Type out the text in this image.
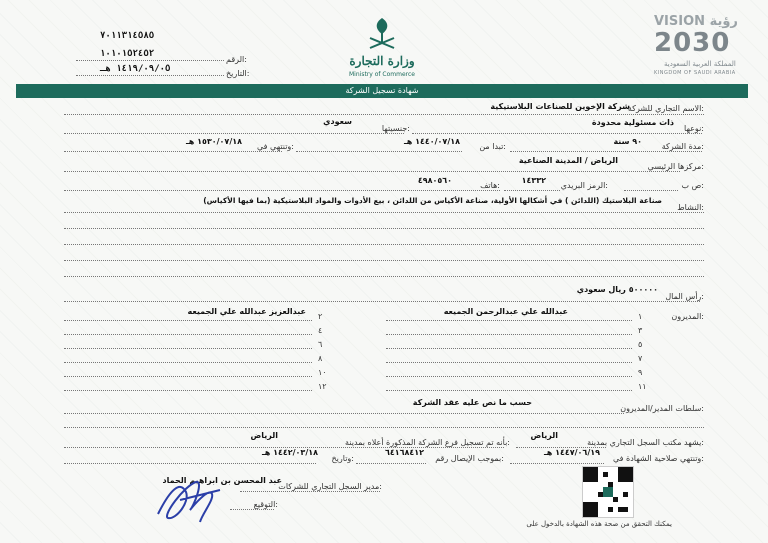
٧٠١١٣١٤٥٨٥
١٠١٠١٥٢٤٥٢
١٤١٩/٠٩/٠٥ هـ
الرقم:
التاريخ:
وزارة التجارة
Ministry of Commerce
VISION رؤية
2030
المملكة العربية السعودية
KINGDOM OF SAUDI ARABIA
شهادة تسجيل الشركة
الاسم التجاري للشركة:
شركة الإخوين للصناعات البلاستيكية
نوعها:
ذات مسئولية محدودة
جنسيتها:
سعودي
مدة الشركة:
٩٠ سنة
تبدا من:
١٤٤٠/٠٧/١٨ هـ
وتنتهي في:
١٥٣٠/٠٧/١٨ هـ
مركزها الرئيسي:
الرياض / المدينة الصناعية
ص ب:
الرمز البريدي:
١٤٣٣٢
هاتف:
٤٩٨٠٥٦٠
النشاط:
صناعة البلاستيك (اللدائن ) في أشكالها الأولية، صناعة الأكياس من اللدائن ، بيع الأدوات والمواد البلاستيكية (بما فيها الأكياس)
رأس المال:
٥٠٠٠٠٠ ريال سعودي
المديرون:
عبدالله علي عبدالرحمن الجميعه
عبدالعزيز عبدالله علي الجميعه
١
٣
٥
٧
٩
١١
٢
٤
٦
٨
١٠
١٢
سلطات المدير/المديرون:
حسب ما نص عليه عقد الشركة
يشهد مكتب السجل التجاري بمدينة:
الرياض
بأنه تم تسجيل فرع الشركة المذكورة أعلاه بمدينة:
الرياض
وتنتهي صلاحية الشهادة في:
١٤٤٧/٠٦/١٩ هـ
بموجب الإيصال رقم:
٦٤١٦٨٤١٢
وتاريخ:
١٤٤٢/٠٣/١٨ هـ
مدير السجل التجاري للشركات:
عبد المحسن بن ابراهيم الحماد
التوقيع:
يمكنك التحقق من صحة هذه الشهادة بالدخول على
